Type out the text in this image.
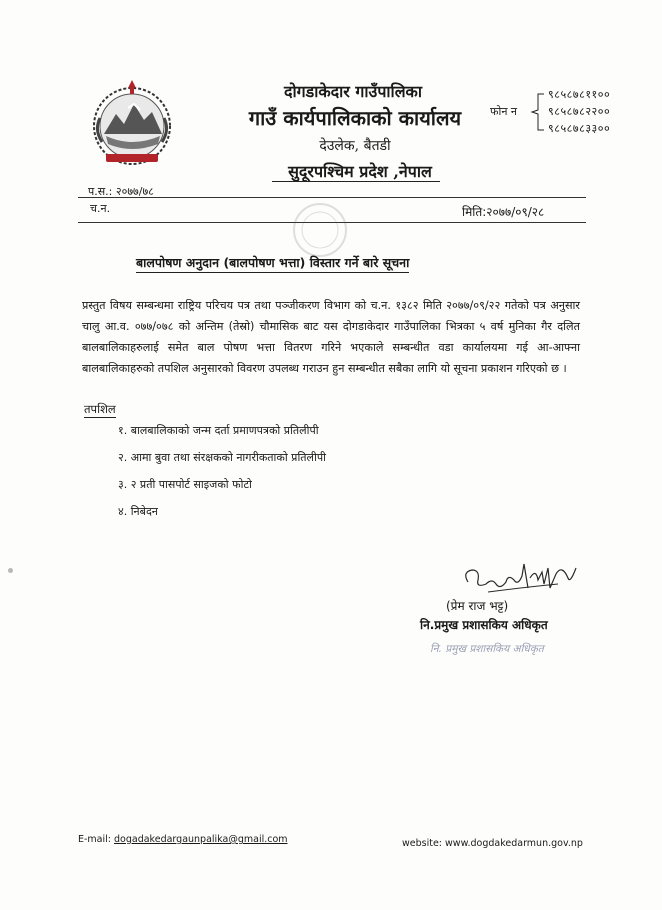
दोगडाकेदार गाउँपालिका
गाउँ कार्यपालिकाको कार्यालय
देउलेक, बैतडी
सुदूरपश्चिम प्रदेश ,नेपाल
फोन न
९८५८७८११००
९८५८७८२२००
९८५८७८३३००
प.स.: २०७७/७८
च.न.	मिति:२०७७/०९/२८
बालपोषण अनुदान (बालपोषण भत्ता) विस्तार गर्ने बारे सूचना
प्रस्तुत विषय सम्बन्धमा राष्ट्रिय परिचय पत्र तथा पञ्जीकरण विभाग को च.न. १३८२ मिति २०७७/०९/२२ गतेको पत्र अनुसार चालु आ.व. ०७७/०७८ को अन्तिम (तेस्रो) चौमासिक बाट यस दोगडाकेदार गाउँपालिका भित्रका ५ वर्ष मुनिका गैर दलित बालबालिकाहरुलाई समेत बाल पोषण भत्ता वितरण गरिने भएकाले सम्बन्धीत वडा कार्यालयमा गई आ-आफ्ना बालबालिकाहरुको तपशिल अनुसारको विवरण उपलब्ध गराउन हुन सम्बन्धीत सबैका लागि यो सूचना प्रकाशन गरिएको छ ।
तपशिल
१. बालबालिकाको जन्म दर्ता प्रमाणपत्रको प्रतिलीपी
२. आमा बुवा तथा संरक्षकको नागरीकताको प्रतिलीपी
३. २ प्रती पासपोर्ट साइजको फोटो
४. निबेदन
(प्रेम राज भट्ट)
नि.प्रमुख प्रशासकिय अधिकृत
नि. प्रमुख प्रशासकिय अधिकृत
E-mail: dogadakedargaunpalika@gmail.com	website: www.dogdakedarmun.gov.np
